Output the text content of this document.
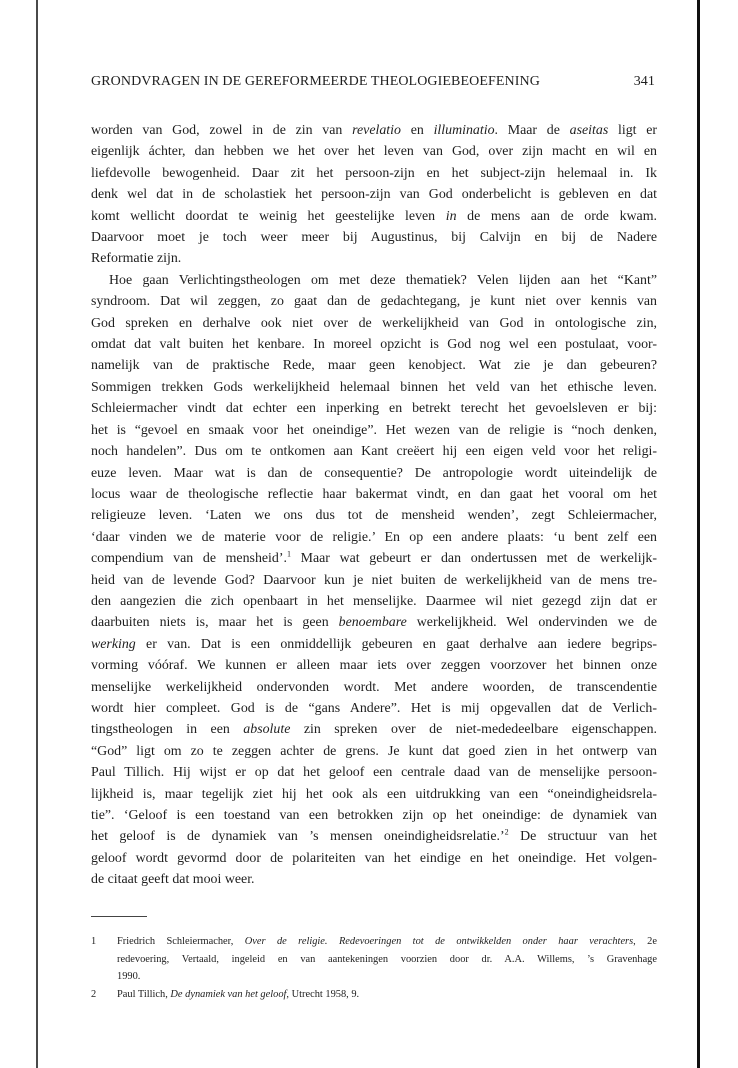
GRONDVRAGEN IN DE GEREFORMEERDE THEOLOGIEBEOEFENING	341
worden van God, zowel in de zin van revelatio en illuminatio. Maar de aseitas ligt er
eigenlijk áchter, dan hebben we het over het leven van God, over zijn macht en wil en
liefdevolle bewogenheid. Daar zit het persoon-zijn en het subject-zijn helemaal in. Ik
denk wel dat in de scholastiek het persoon-zijn van God onderbelicht is gebleven en dat
komt wellicht doordat te weinig het geestelijke leven in de mens aan de orde kwam.
Daarvoor moet je toch weer meer bij Augustinus, bij Calvijn en bij de Nadere
Reformatie zijn.
Hoe gaan Verlichtingstheologen om met deze thematiek? Velen lijden aan het “Kant”
syndroom. Dat wil zeggen, zo gaat dan de gedachtegang, je kunt niet over kennis van
God spreken en derhalve ook niet over de werkelijkheid van God in ontologische zin,
omdat dat valt buiten het kenbare. In moreel opzicht is God nog wel een postulaat, voor-
namelijk van de praktische Rede, maar geen kenobject. Wat zie je dan gebeuren?
Sommigen trekken Gods werkelijkheid helemaal binnen het veld van het ethische leven.
Schleiermacher vindt dat echter een inperking en betrekt terecht het gevoelsleven er bij:
het is “gevoel en smaak voor het oneindige”. Het wezen van de religie is “noch denken,
noch handelen”. Dus om te ontkomen aan Kant creëert hij een eigen veld voor het religi-
euze leven. Maar wat is dan de consequentie? De antropologie wordt uiteindelijk de
locus waar de theologische reflectie haar bakermat vindt, en dan gaat het vooral om het
religieuze leven. ‘Laten we ons dus tot de mensheid wenden’, zegt Schleiermacher,
‘daar vinden we de materie voor de religie.’ En op een andere plaats: ‘u bent zelf een
compendium van de mensheid’.$^1$ Maar wat gebeurt er dan ondertussen met de werkelijk-
heid van de levende God? Daarvoor kun je niet buiten de werkelijkheid van de mens tre-
den aangezien die zich openbaart in het menselijke. Daarmee wil niet gezegd zijn dat er
daarbuiten niets is, maar het is geen benoembare werkelijkheid. Wel ondervinden we de
werking er van. Dat is een onmiddellijk gebeuren en gaat derhalve aan iedere begrips-
vorming vóóraf. We kunnen er alleen maar iets over zeggen voorzover het binnen onze
menselijke werkelijkheid ondervonden wordt. Met andere woorden, de transcendentie
wordt hier compleet. God is de “gans Andere”. Het is mij opgevallen dat de Verlich-
tingstheologen in een absolute zin spreken over de niet-mededeelbare eigenschappen.
“God” ligt om zo te zeggen achter de grens. Je kunt dat goed zien in het ontwerp van
Paul Tillich. Hij wijst er op dat het geloof een centrale daad van de menselijke persoon-
lijkheid is, maar tegelijk ziet hij het ook als een uitdrukking van een “oneindigheidsrela-
tie”. ‘Geloof is een toestand van een betrokken zijn op het oneindige: de dynamiek van
het geloof is de dynamiek van ’s mensen oneindigheidsrelatie.’$^2$ De structuur van het
geloof wordt gevormd door de polariteiten van het eindige en het oneindige. Het volgen-
de citaat geeft dat mooi weer.
1	Friedrich Schleiermacher, Over de religie. Redevoeringen tot de ontwikkelden onder haar verachters, 2e
redevoering, Vertaald, ingeleid en van aantekeningen voorzien door dr. A.A. Willems, ’s Gravenhage
1990.
2	Paul Tillich, De dynamiek van het geloof, Utrecht 1958, 9.
